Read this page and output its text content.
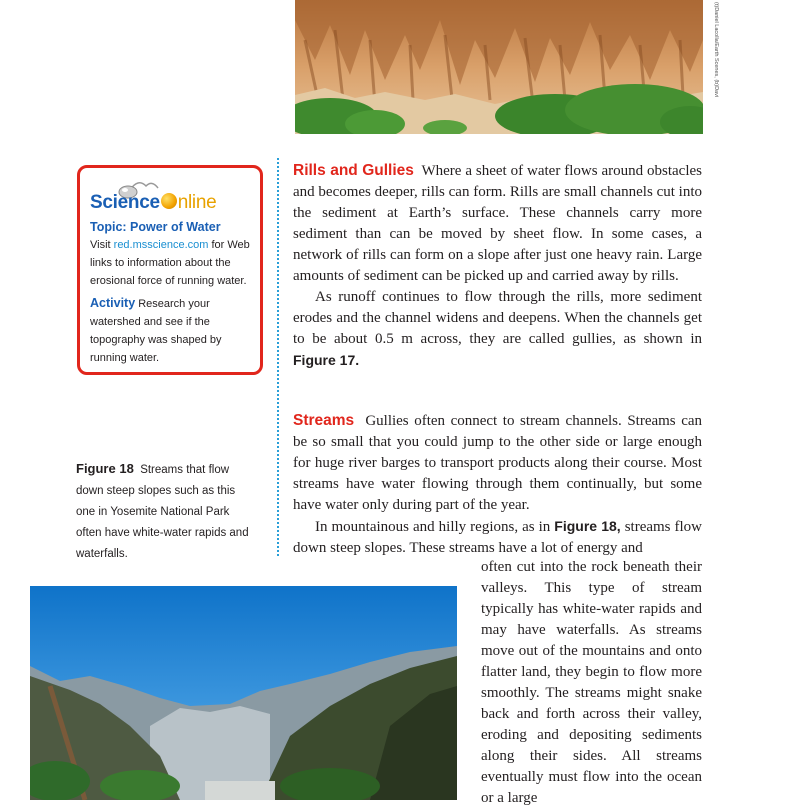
(t)Daniel Lacolla/Earth Scenes, (b)Davi
Science nline
Topic: Power of Water
Visit red.msscience.com for Web links to information about the erosional force of running water.
Activity Research your watershed and see if the topography was shaped by running water.
Figure 18 Streams that flow down steep slopes such as this one in Yosemite National Park often have white-water rapids and waterfalls.

Rills and Gullies Where a sheet of water flows around obstacles and becomes deeper, rills can form. Rills are small channels cut into the sediment at Earth’s surface. These channels carry more sediment than can be moved by sheet flow. In some cases, a network of rills can form on a slope after just one heavy rain. Large amounts of sediment can be picked up and carried away by rills.

As runoff continues to flow through the rills, more sediment erodes and the channel widens and deepens. When the channels get to be about 0.5 m across, they are called gullies, as shown in Figure 17.

Streams Gullies often connect to stream channels. Streams can be so small that you could jump to the other side or large enough for huge river barges to transport products along their course. Most streams have water flowing through them continually, but some have water only during part of the year.

In mountainous and hilly regions, as in Figure 18, streams flow down steep slopes. These streams have a lot of energy and

often cut into the rock beneath their valleys. This type of stream typically has white-water rapids and may have waterfalls. As streams move out of the mountains and onto flatter land, they begin to flow more smoothly. The streams might snake back and forth across their valley, eroding and depositing sediments along their sides. All streams eventually must flow into the ocean or a large
